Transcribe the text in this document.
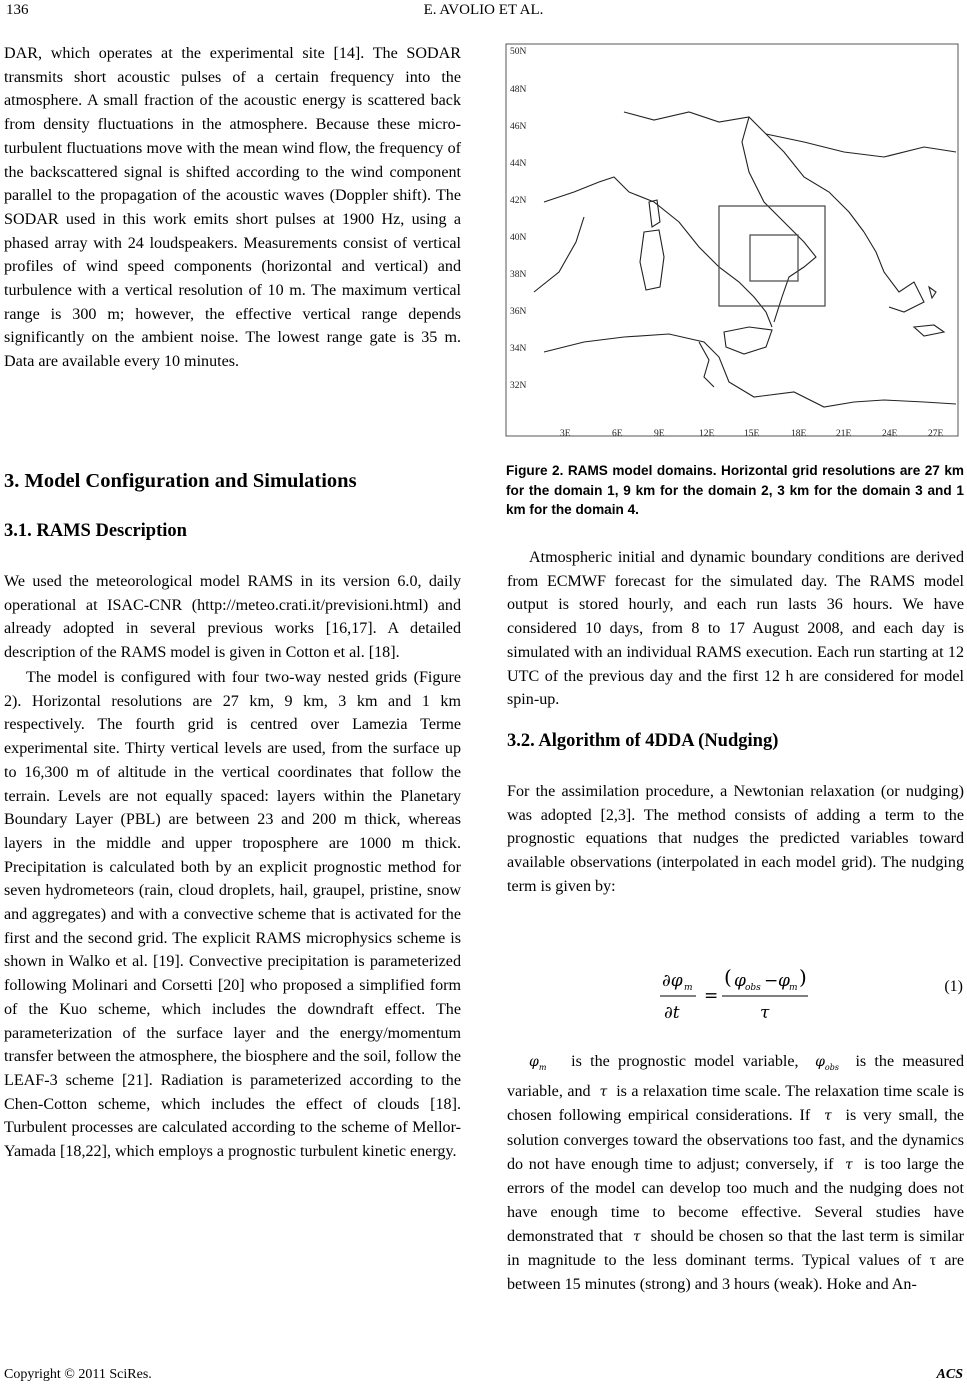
136	E. AVOLIO ET AL.

DAR, which operates at the experimental site [14]. The SODAR transmits short acoustic pulses of a certain frequency into the atmosphere. A small fraction of the acoustic energy is scattered back from density fluctuations in the atmosphere. Because these micro-turbulent fluctuations move with the mean wind flow, the frequency of the backscattered signal is shifted according to the wind component parallel to the propagation of the acoustic waves (Doppler shift). The SODAR used in this work emits short pulses at 1900 Hz, using a phased array with 24 loudspeakers. Measurements consist of vertical profiles of wind speed components (horizontal and vertical) and turbulence with a vertical resolution of 10 m. The maximum vertical range is 300 m; however, the effective vertical range depends significantly on the ambient noise. The lowest range gate is 35 m. Data are available every 10 minutes.

3. Model Configuration and Simulations
3.1. RAMS Description

We used the meteorological model RAMS in its version 6.0, daily operational at ISAC-CNR (http://meteo.crati.it/previsioni.html) and already adopted in several previous works [16,17]. A detailed description of the RAMS model is given in Cotton et al. [18].

The model is configured with four two-way nested grids (Figure 2). Horizontal resolutions are 27 km, 9 km, 3 km and 1 km respectively. The fourth grid is centred over Lamezia Terme experimental site. Thirty vertical levels are used, from the surface up to 16,300 m of altitude in the vertical coordinates that follow the terrain. Levels are not equally spaced: layers within the Planetary Boundary Layer (PBL) are between 23 and 200 m thick, whereas layers in the middle and upper troposphere are 1000 m thick. Precipitation is calculated both by an explicit prognostic method for seven hydrometeors (rain, cloud droplets, hail, graupel, pristine, snow and aggregates) and with a convective scheme that is activated for the first and the second grid. The explicit RAMS microphysics scheme is shown in Walko et al. [19]. Convective precipitation is parameterized following Molinari and Corsetti [20] who proposed a simplified form of the Kuo scheme, which includes the downdraft effect. The parameterization of the surface layer and the energy/momentum transfer between the atmosphere, the biosphere and the soil, follow the LEAF-3 scheme [21]. Radiation is parameterized according to the Chen-Cotton scheme, which includes the effect of clouds [18]. Turbulent processes are calculated according to the scheme of Mellor-Yamada [18,22], which employs a prognostic turbulent kinetic energy.

50N
48N
46N
44N
42N
40N
38N
36N
34N
32N
3E	6E	9E	12E	15E	18E	21E	24E	27E
Figure 2. RAMS model domains. Horizontal grid resolutions are 27 km for the domain 1, 9 km for the domain 2, 3 km for the domain 3 and 1 km for the domain 4.

Atmospheric initial and dynamic boundary conditions are derived from ECMWF forecast for the simulated day. The RAMS model output is stored hourly, and each run lasts 36 hours. We have considered 10 days, from 8 to 17 August 2008, and each day is simulated with an individual RAMS execution. Each run starting at 12 UTC of the previous day and the first 12 h are considered for model spin-up.

3.2. Algorithm of 4DDA (Nudging)

For the assimilation procedure, a Newtonian relaxation (or nudging) was adopted [2,3]. The method consists of adding a term to the prognostic equations that nudges the predicted variables toward available observations (interpolated in each model grid). The nudging term is given by:

∂φ m
∂t
=
( φ obs − φ m )
τ
(1)

$\varphi_m$ is the prognostic model variable, $\varphi_{obs}$ is the measured variable, and τ is a relaxation time scale. The relaxation time scale is chosen following empirical considerations. If τ is very small, the solution converges toward the observations too fast, and the dynamics do not have enough time to adjust; conversely, if τ is too large the errors of the model can develop too much and the nudging does not have enough time to become effective. Several studies have demonstrated that τ should be chosen so that the last term is similar in magnitude to the less dominant terms. Typical values of τ are between 15 minutes (strong) and 3 hours (weak). Hoke and An-

Copyright © 2011 SciRes.	ACS
